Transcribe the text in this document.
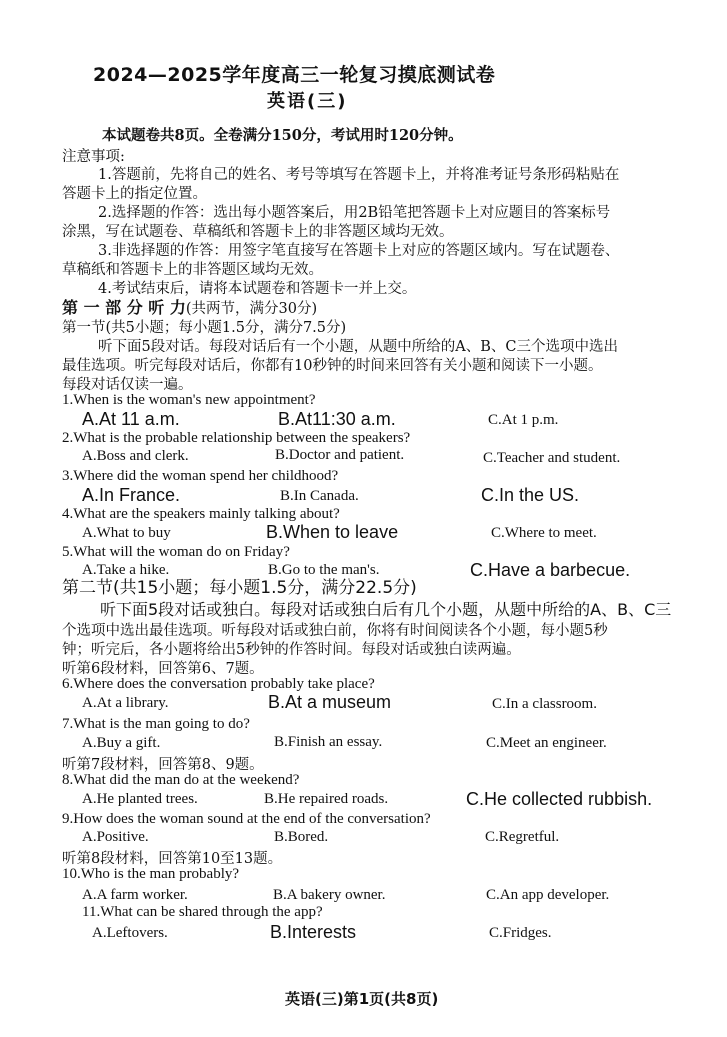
2024—2025学年度高三一轮复习摸底测试卷
英语(三)
本试题卷共8页。全卷满分150分，考试用时120分钟。
注意事项:
1.答题前，先将自己的姓名、考号等填写在答题卡上，并将准考证号条形码粘贴在
答题卡上的指定位置。
2.选择题的作答：选出每小题答案后，用2B铅笔把答题卡上对应题目的答案标号
涂黑，写在试题卷、草稿纸和答题卡上的非答题区域均无效。
3.非选择题的作答：用签字笔直接写在答题卡上对应的答题区域内。写在试题卷、
草稿纸和答题卡上的非答题区域均无效。
4.考试结束后，请将本试题卷和答题卡一并上交。
第 一 部 分 听 力(共两节，满分30分)
第一节(共5小题；每小题1.5分，满分7.5分)
听下面5段对话。每段对话后有一个小题，从题中所给的A、B、C三个选项中选出
最佳选项。听完每段对话后，你都有10秒钟的时间来回答有关小题和阅读下一小题。
每段对话仅读一遍。
1.When is the woman's new appointment?
A.At 11 a.m.	B.At11:30 a.m.	C.At 1 p.m.
2.What is the probable relationship between the speakers?
A.Boss and clerk.	B.Doctor and patient.	C.Teacher and student.
3.Where did the woman spend her childhood?
A.In France.	B.In Canada.	C.In the US.
4.What are the speakers mainly talking about?
A.What to buy	B.When to leave	C.Where to meet.
5.What will the woman do on Friday?
A.Take a hike.	B.Go to the man's.	C.Have a barbecue.
第二节(共15小题；每小题1.5分，满分22.5分)
听下面5段对话或独白。每段对话或独白后有几个小题，从题中所给的A、B、C三
个选项中选出最佳选项。听每段对话或独白前，你将有时间阅读各个小题，每小题5秒
钟；听完后，各小题将给出5秒钟的作答时间。每段对话或独白读两遍。
听第6段材料，回答第6、7题。
6.Where does the conversation probably take place?
A.At a library.	B.At a museum	C.In a classroom.
7.What is the man going to do?
A.Buy a gift.	B.Finish an essay.	C.Meet an engineer.
听第7段材料，回答第8、9题。
8.What did the man do at the weekend?
A.He planted trees.	B.He repaired roads.	C.He collected rubbish.
9.How does the woman sound at the end of the conversation?
A.Positive.	B.Bored.	C.Regretful.
听第8段材料，回答第10至13题。
10.Who is the man probably?
A.A farm worker.	B.A bakery owner.	C.An app developer.
11.What can be shared through the app?
A.Leftovers.	B.Interests	C.Fridges.
英语(三)第1页(共8页)
